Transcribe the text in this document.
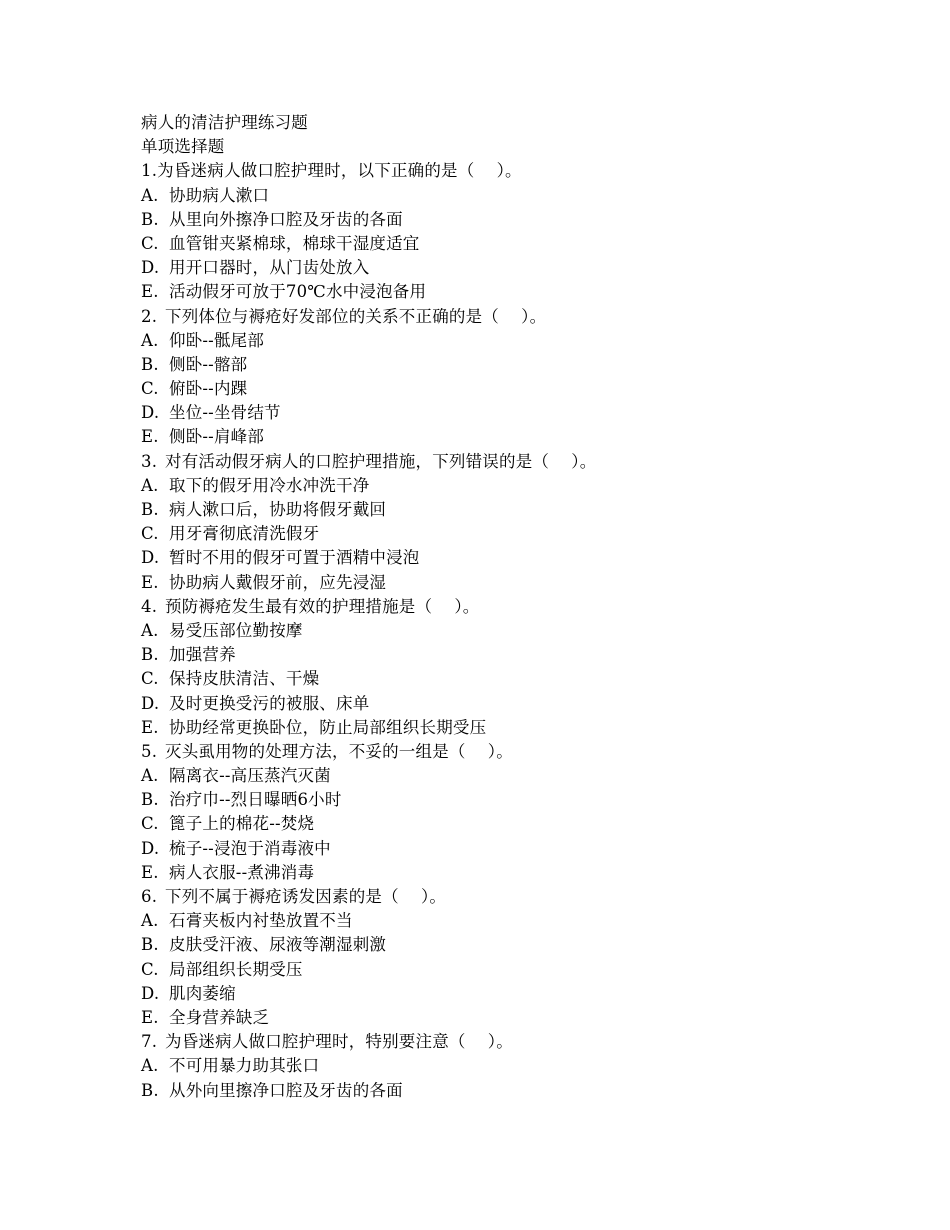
病人的清洁护理练习题
单项选择题
1. 为昏迷病人做口腔护理时，以下正确的是（　 ）。
A. 协助病人漱口
B. 从里向外擦净口腔及牙齿的各面
C. 血管钳夹紧棉球，棉球干湿度适宜
D. 用开口器时，从门齿处放入
E. 活动假牙可放于70℃水中浸泡备用
2. 下列体位与褥疮好发部位的关系不正确的是（　 ）。
A. 仰卧--骶尾部
B. 侧卧--髂部
C. 俯卧--内踝
D. 坐位--坐骨结节
E. 侧卧--肩峰部
3. 对有活动假牙病人的口腔护理措施，下列错误的是（　 ）。
A. 取下的假牙用冷水冲洗干净
B. 病人漱口后，协助将假牙戴回
C. 用牙膏彻底清洗假牙
D. 暂时不用的假牙可置于酒精中浸泡
E. 协助病人戴假牙前，应先浸湿
4. 预防褥疮发生最有效的护理措施是（　 ）。
A. 易受压部位勤按摩
B. 加强营养
C. 保持皮肤清洁、干燥
D. 及时更换受污的被服、床单
E. 协助经常更换卧位，防止局部组织长期受压
5. 灭头虱用物的处理方法，不妥的一组是（　 ）。
A. 隔离衣--高压蒸汽灭菌
B. 治疗巾--烈日曝晒6小时
C. 篦子上的棉花--焚烧
D. 梳子--浸泡于消毒液中
E. 病人衣服--煮沸消毒
6. 下列不属于褥疮诱发因素的是（　 ）。
A. 石膏夹板内衬垫放置不当
B. 皮肤受汗液、尿液等潮湿刺激
C. 局部组织长期受压
D. 肌肉萎缩
E. 全身营养缺乏
7. 为昏迷病人做口腔护理时，特别要注意（　 ）。
A. 不可用暴力助其张口
B. 从外向里擦净口腔及牙齿的各面
